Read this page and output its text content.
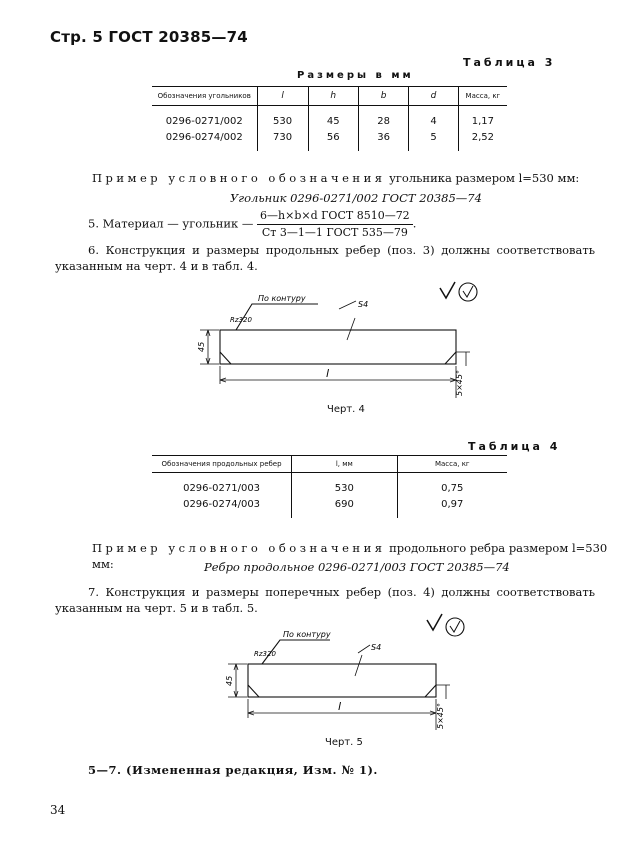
Стр. 5 ГОСТ 20385—74
Таблица 3
Размеры в мм
Обозначения угольников	l	h	b	d	Масса, кг
0296-0271/002	530	45	28	4	1,17
0296-0274/002	730	56	36	5	2,52
Пример условного обозначения угольника размером l=530 мм:
Угольник 0296-0271/002 ГОСТ 20385—74
5. Материал — угольник — $\frac{\text{6—h×b×d ГОСТ 8510—72}}{\text{Ст 3—1—1 ГОСТ 535—79}}$ .
6. Конструкция и размеры продольных ребер (поз. 3) должны соответствовать указанным на черт. 4 и в табл. 4.
По контуру
Rz320
S4
45
l	5×45°
Черт. 4
Таблица 4
Обозначения продольных ребер	l, мм	Масса, кг
0296-0271/003	530	0,75
0296-0274/003	690	0,97
Пример условного обозначения продольного ребра размером l=530 мм:	Ребро продольное 0296-0271/003 ГОСТ 20385—74
7. Конструкция и размеры поперечных ребер (поз. 4) должны соответствовать указанным на черт. 5 и в табл. 5.
По контуру
Rz320
S4
45
l	5×45°
Черт. 5
5—7. (Измененная редакция, Изм. № 1).
34
